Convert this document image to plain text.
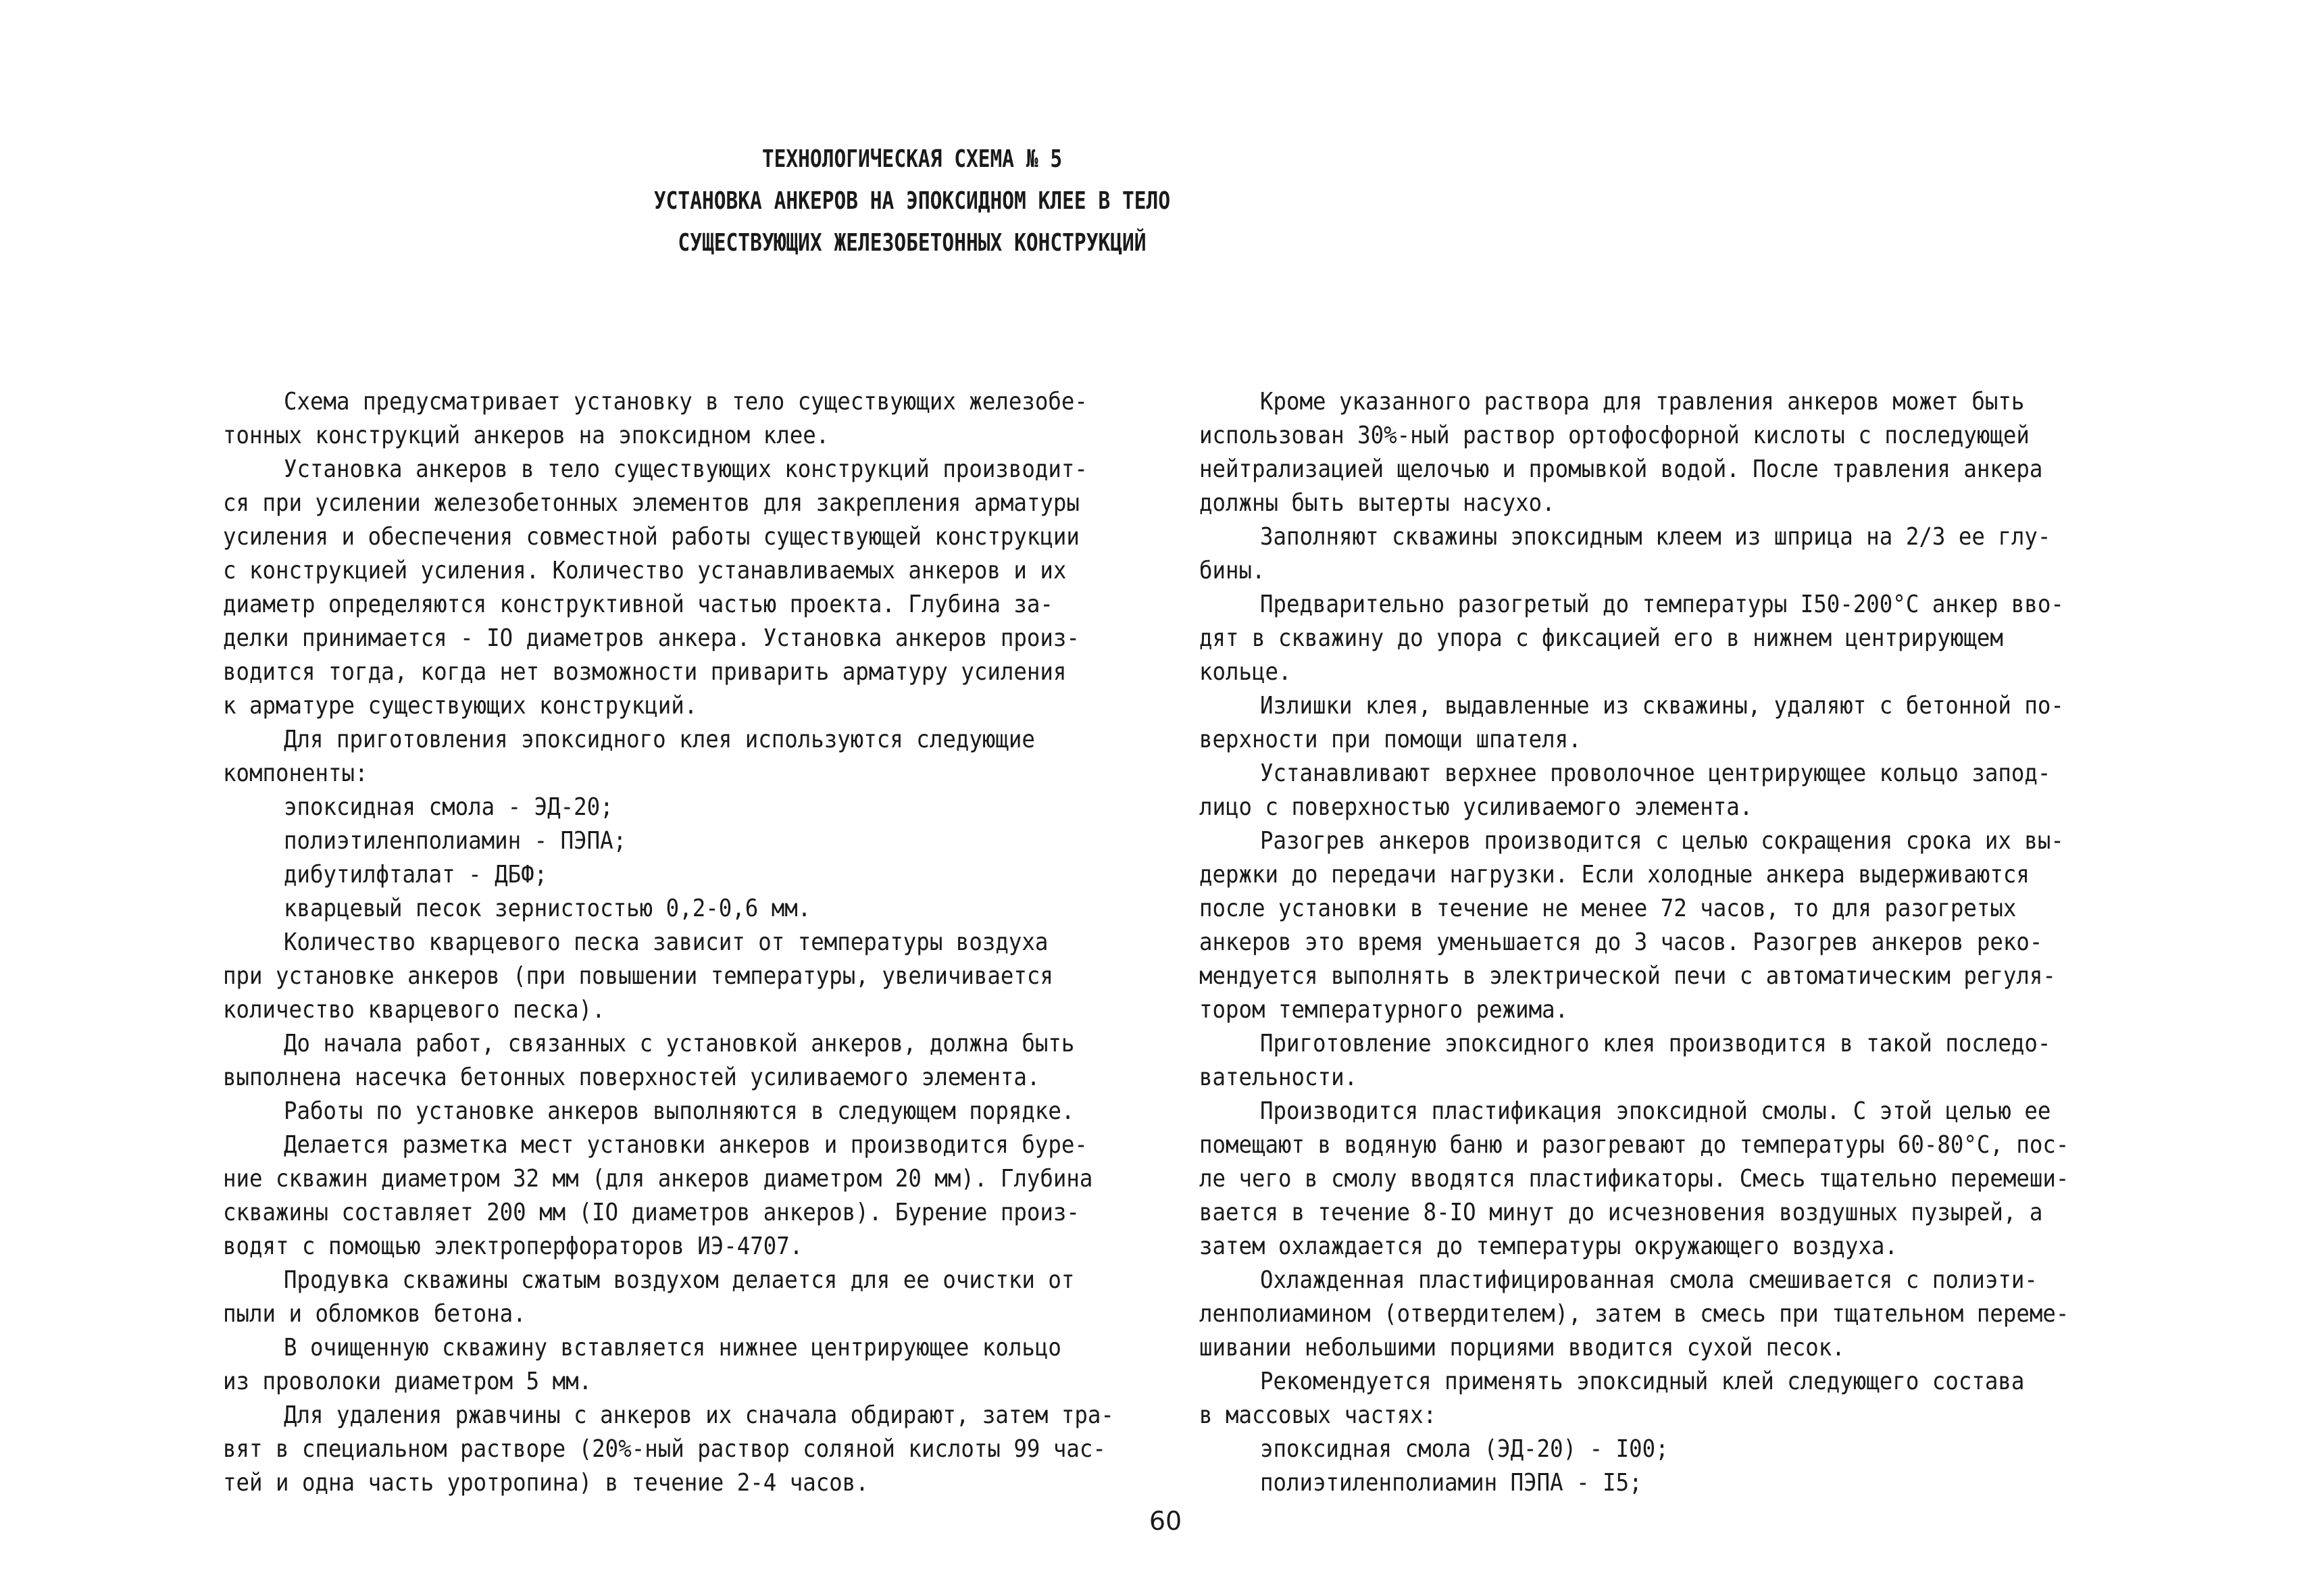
ТЕХНОЛОГИЧЕСКАЯ СХЕМА № 5
УСТАНОВКА АНКЕРОВ НА ЭПОКСИДНОМ КЛЕЕ В ТЕЛО
СУЩЕСТВУЮЩИХ ЖЕЛЕЗОБЕТОННЫХ КОНСТРУКЦИЙ
Схема предусматривает установку в тело существующих железобе-
тонных конструкций анкеров на эпоксидном клее.
Установка анкеров в тело существующих конструкций производит-
ся при усилении железобетонных элементов для закрепления арматуры
усиления и обеспечения совместной работы существующей конструкции
с конструкцией усиления. Количество устанавливаемых анкеров и их
диаметр определяются конструктивной частью проекта. Глубина за-
делки принимается - IO диаметров анкера. Установка анкеров произ-
водится тогда, когда нет возможности приварить арматуру усиления
к арматуре существующих конструкций.
Для приготовления эпоксидного клея используются следующие
компоненты:
эпоксидная смола - ЭД-20;
полиэтиленполиамин - ПЭПА;
дибутилфталат - ДБФ;
кварцевый песок зернистостью 0,2-0,6 мм.
Количество кварцевого песка зависит от температуры воздуха
при установке анкеров (при повышении температуры, увеличивается
количество кварцевого песка).
До начала работ, связанных с установкой анкеров, должна быть
выполнена насечка бетонных поверхностей усиливаемого элемента.
Работы по установке анкеров выполняются в следующем порядке.
Делается разметка мест установки анкеров и производится буре-
ние скважин диаметром 32 мм (для анкеров диаметром 20 мм). Глубина
скважины составляет 200 мм (IO диаметров анкеров). Бурение произ-
водят с помощью электроперфораторов ИЭ-4707.
Продувка скважины сжатым воздухом делается для ее очистки от
пыли и обломков бетона.
В очищенную скважину вставляется нижнее центрирующее кольцо
из проволоки диаметром 5 мм.
Для удаления ржавчины с анкеров их сначала обдирают, затем тра-
вят в специальном растворе (20%-ный раствор соляной кислоты 99 час-
тей и одна часть уротропина) в течение 2-4 часов.
Кроме указанного раствора для травления анкеров может быть
использован 30%-ный раствор ортофосфорной кислоты с последующей
нейтрализацией щелочью и промывкой водой. После травления анкера
должны быть вытерты насухо.
Заполняют скважины эпоксидным клеем из шприца на 2/3 ее глу-
бины.
Предварительно разогретый до температуры I50-200°С анкер вво-
дят в скважину до упора с фиксацией его в нижнем центрирующем
кольце.
Излишки клея, выдавленные из скважины, удаляют с бетонной по-
верхности при помощи шпателя.
Устанавливают верхнее проволочное центрирующее кольцо запод-
лицо с поверхностью усиливаемого элемента.
Разогрев анкеров производится с целью сокращения срока их вы-
держки до передачи нагрузки. Если холодные анкера выдерживаются
после установки в течение не менее 72 часов, то для разогретых
анкеров это время уменьшается до 3 часов. Разогрев анкеров реко-
мендуется выполнять в электрической печи с автоматическим регуля-
тором температурного режима.
Приготовление эпоксидного клея производится в такой последо-
вательности.
Производится пластификация эпоксидной смолы. С этой целью ее
помещают в водяную баню и разогревают до температуры 60-80°С, пос-
ле чего в смолу вводятся пластификаторы. Смесь тщательно перемеши-
вается в течение 8-IO минут до исчезновения воздушных пузырей, а
затем охлаждается до температуры окружающего воздуха.
Охлажденная пластифицированная смола смешивается с полиэти-
ленполиамином (отвердителем), затем в смесь при тщательном переме-
шивании небольшими порциями вводится сухой песок.
Рекомендуется применять эпоксидный клей следующего состава
в массовых частях:
эпоксидная смола (ЭД-20) - I00;
полиэтиленполиамин ПЭПА - I5;
60
